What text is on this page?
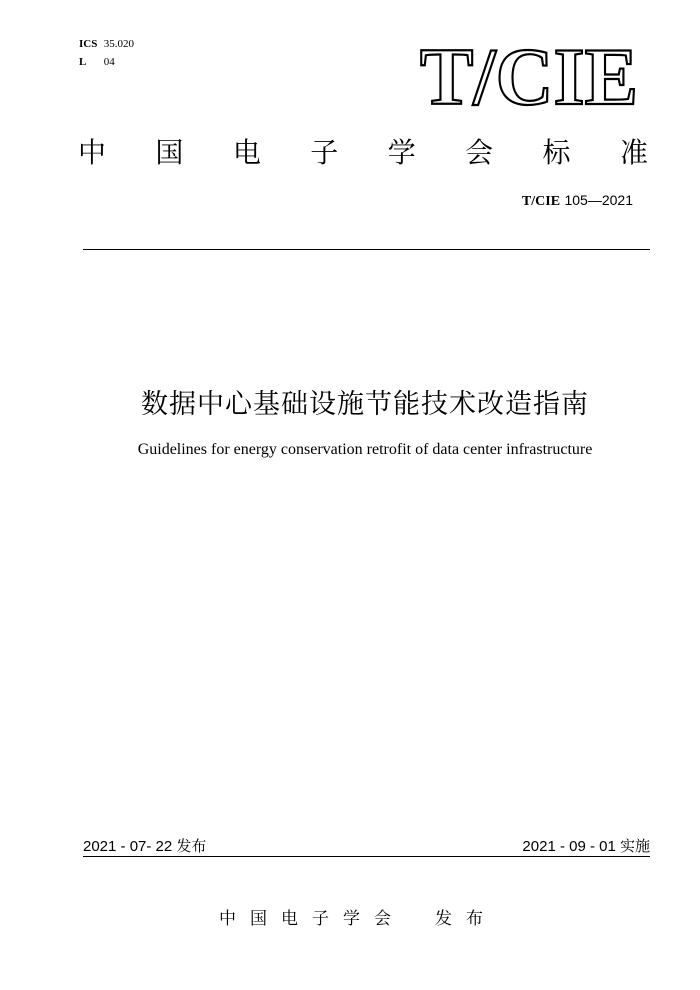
ICS 35.020
L 04	T/CIE
中 国 电 子 学 会 标 准
T/CIE 105—2021
数据中心基础设施节能技术改造指南
Guidelines for energy conservation retrofit of data center infrastructure
2021 - 07- 22 发布	2021 - 09 - 01 实施
中 国 电 子 学 会	发布
